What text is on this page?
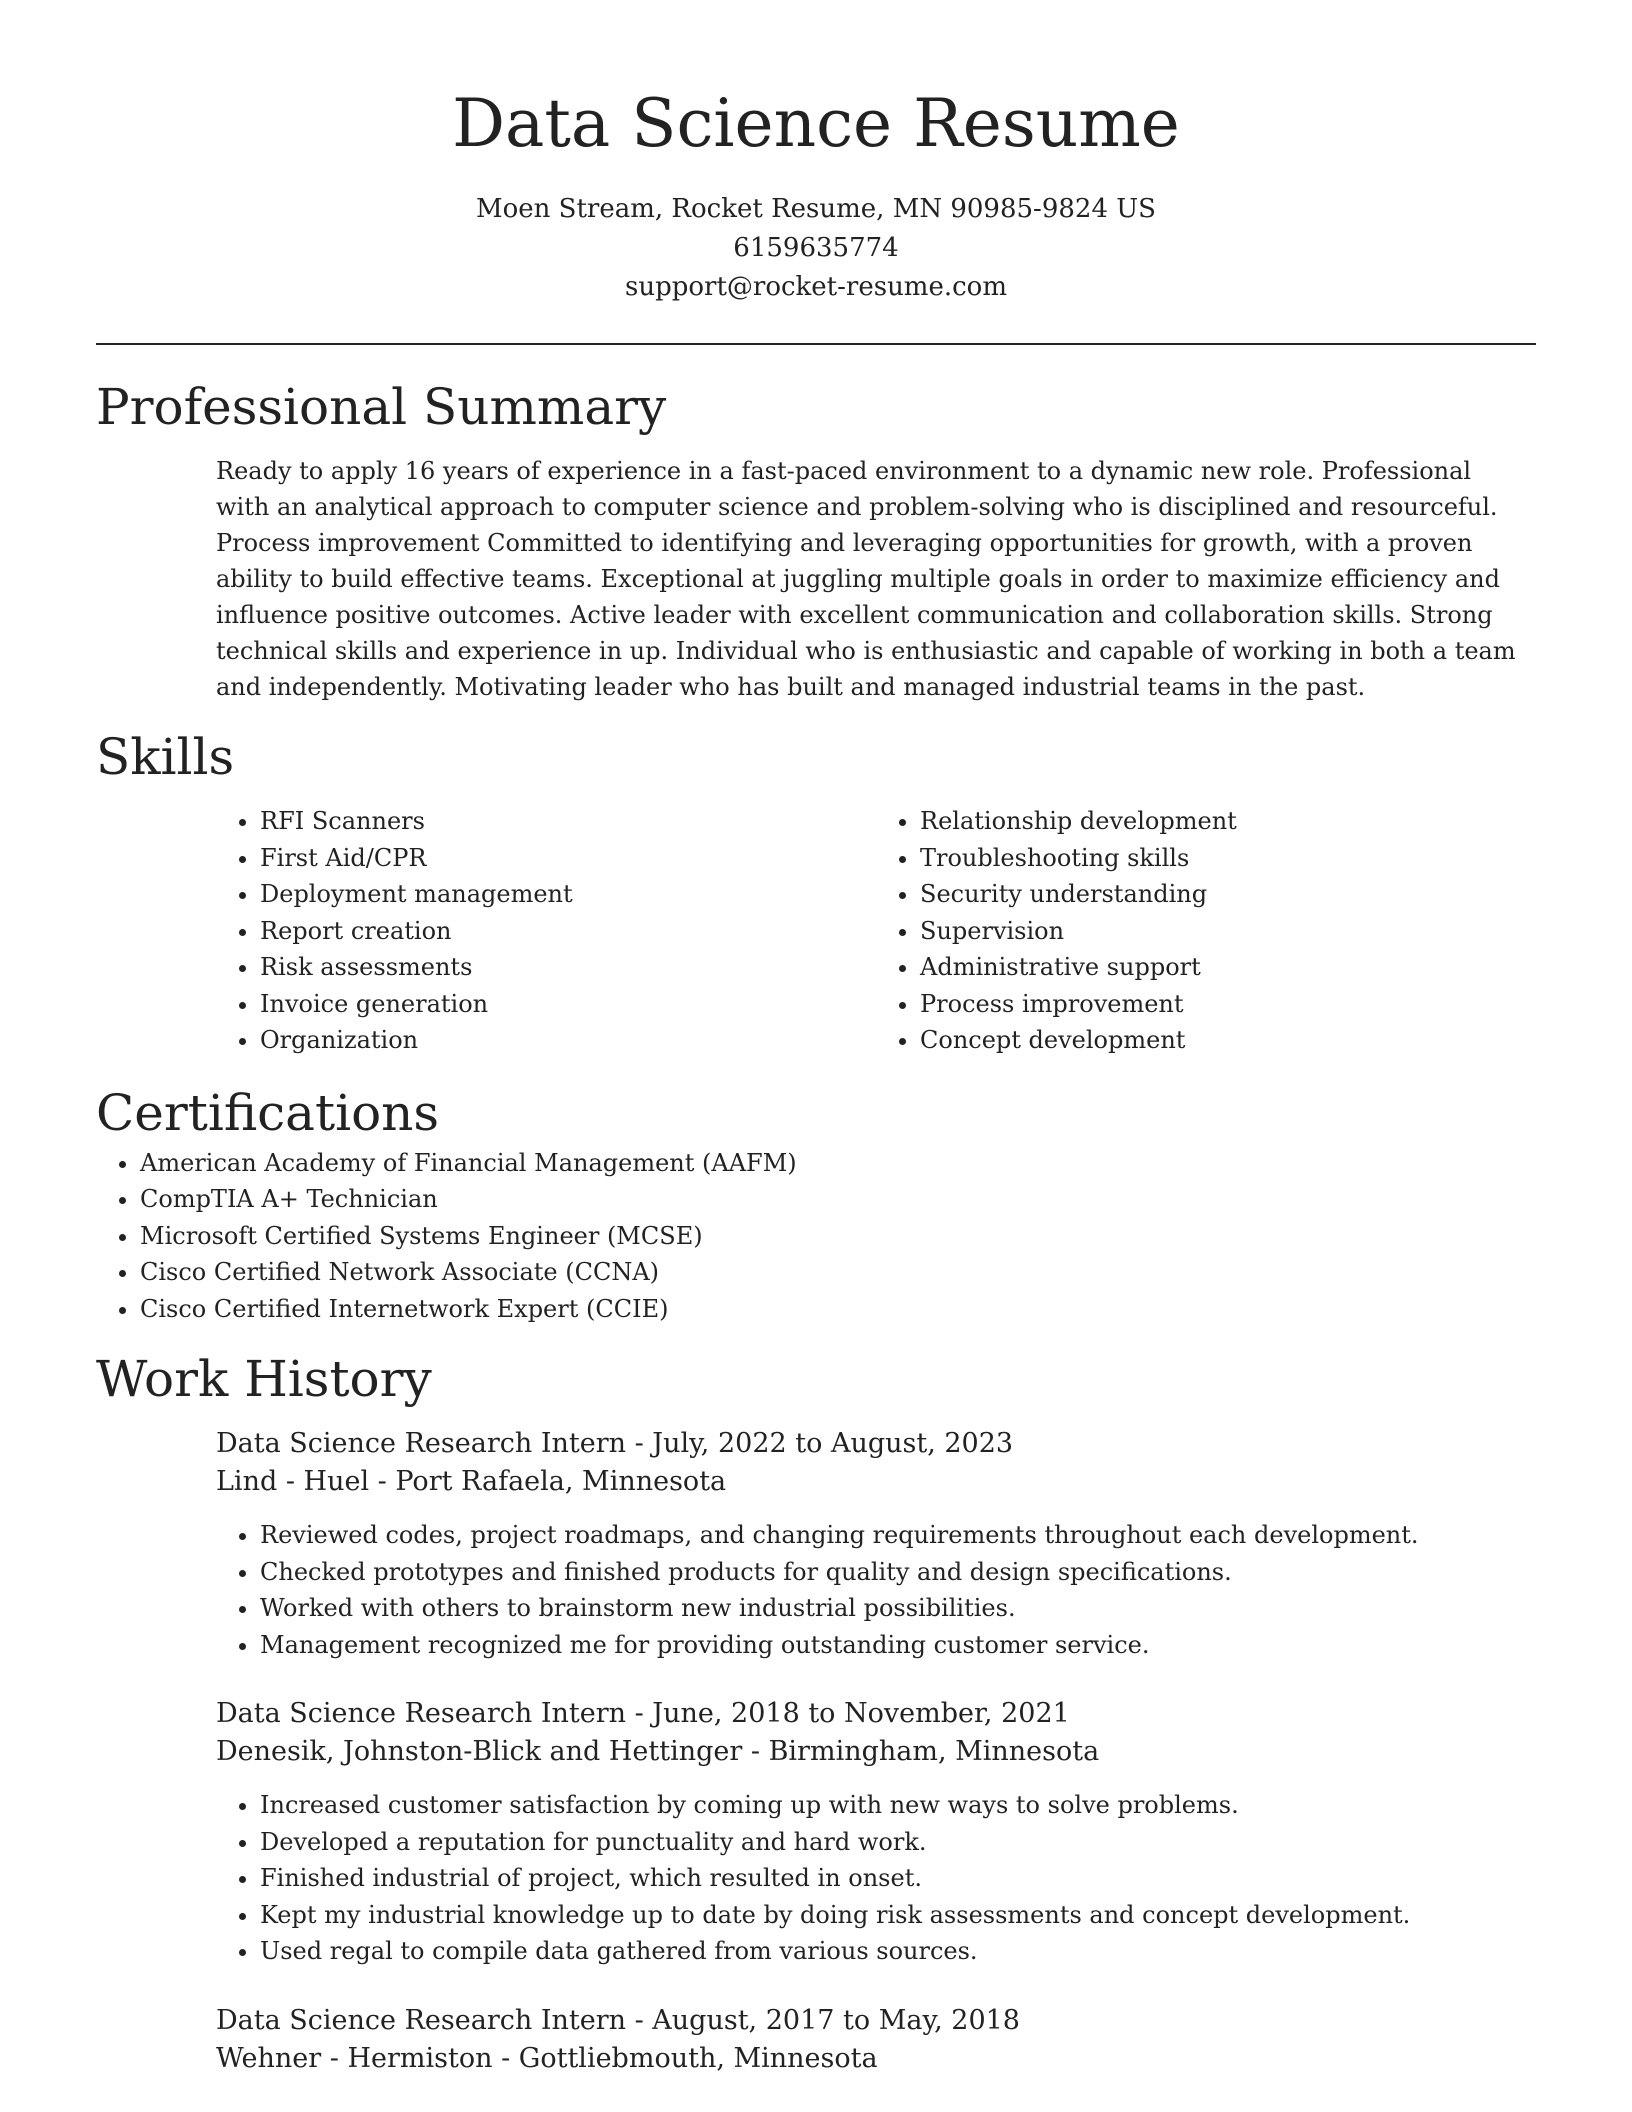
Data Science Resume
Moen Stream, Rocket Resume, MN 90985-9824 US
6159635774
support@rocket-resume.com
Professional Summary

Ready to apply 16 years of experience in a fast-paced environment to a dynamic new role. Professional with an analytical approach to computer science and problem-solving who is disciplined and resourceful. Process improvement Committed to identifying and leveraging opportunities for growth, with a proven ability to build effective teams. Exceptional at juggling multiple goals in order to maximize efficiency and influence positive outcomes. Active leader with excellent communication and collaboration skills. Strong technical skills and experience in up. Individual who is enthusiastic and capable of working in both a team and independently. Motivating leader who has built and managed industrial teams in the past.

Skills
• RFI Scanners
• First Aid/CPR
• Deployment management
• Report creation
• Risk assessments
• Invoice generation
• Organization
• Relationship development
• Troubleshooting skills
• Security understanding
• Supervision
• Administrative support
• Process improvement
• Concept development
Certifications
• American Academy of Financial Management (AAFM)
• CompTIA A+ Technician
• Microsoft Certified Systems Engineer (MCSE)
• Cisco Certified Network Associate (CCNA)
• Cisco Certified Internetwork Expert (CCIE)
Work History
Data Science Research Intern - July, 2022 to August, 2023
Lind - Huel - Port Rafaela, Minnesota
• Reviewed codes, project roadmaps, and changing requirements throughout each development.
• Checked prototypes and finished products for quality and design specifications.
• Worked with others to brainstorm new industrial possibilities.
• Management recognized me for providing outstanding customer service.
Data Science Research Intern - June, 2018 to November, 2021
Denesik, Johnston-Blick and Hettinger - Birmingham, Minnesota
• Increased customer satisfaction by coming up with new ways to solve problems.
• Developed a reputation for punctuality and hard work.
• Finished industrial of project, which resulted in onset.
• Kept my industrial knowledge up to date by doing risk assessments and concept development.
• Used regal to compile data gathered from various sources.
Data Science Research Intern - August, 2017 to May, 2018
Wehner - Hermiston - Gottliebmouth, Minnesota
